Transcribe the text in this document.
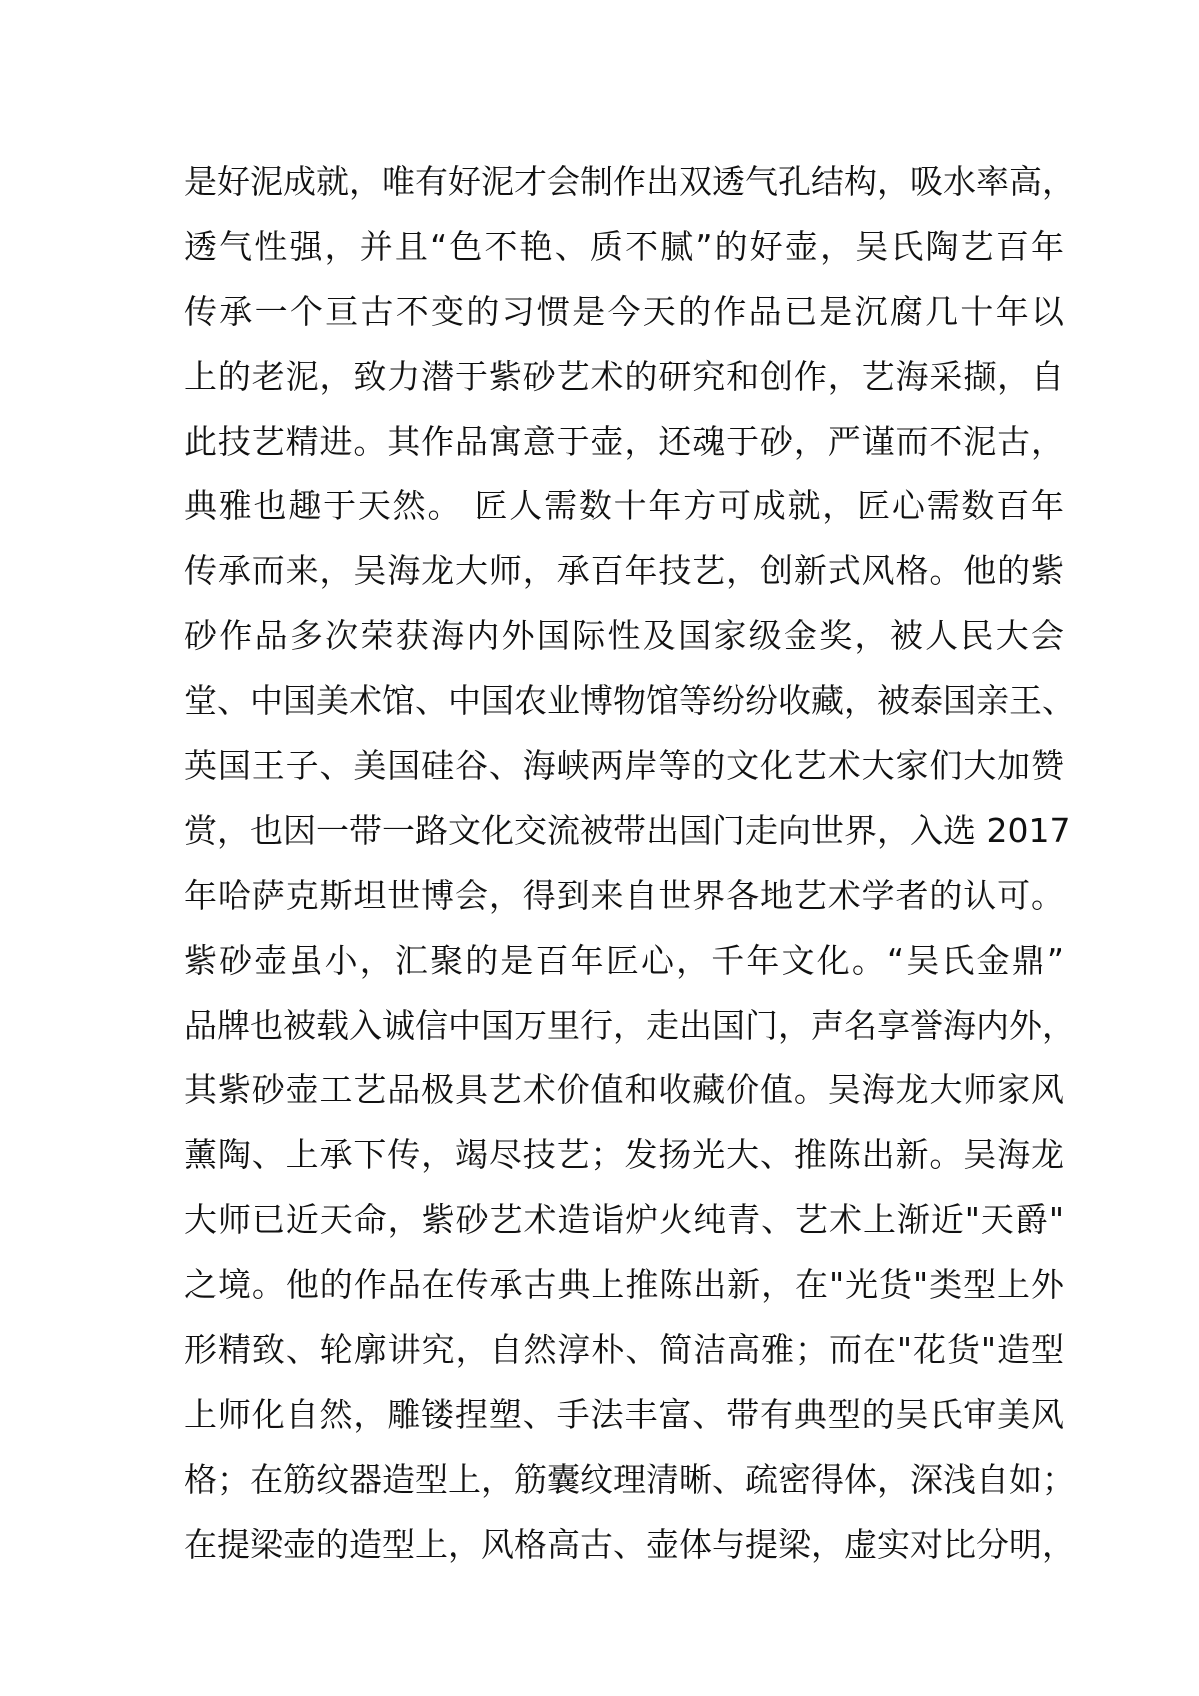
是好泥成就，唯有好泥才会制作出双透气孔结构，吸水率高，
透气性强，并且“色不艳、质不腻”的好壶，吴氏陶艺百年
传承一个亘古不变的习惯是今天的作品已是沉腐几十年以
上的老泥，致力潜于紫砂艺术的研究和创作，艺海采撷，自
此技艺精进。其作品寓意于壶，还魂于砂，严谨而不泥古，
典雅也趣于天然。 匠人需数十年方可成就，匠心需数百年
传承而来，吴海龙大师，承百年技艺，创新式风格。他的紫
砂作品多次荣获海内外国际性及国家级金奖，被人民大会
堂、中国美术馆、中国农业博物馆等纷纷收藏，被泰国亲王、
英国王子、美国硅谷、海峡两岸等的文化艺术大家们大加赞
赏，也因一带一路文化交流被带出国门走向世界，入选 2017
年哈萨克斯坦世博会，得到来自世界各地艺术学者的认可。
紫砂壶虽小，汇聚的是百年匠心，千年文化。“吴氏金鼎”
品牌也被载入诚信中国万里行，走出国门，声名享誉海内外，
其紫砂壶工艺品极具艺术价值和收藏价值。吴海龙大师家风
薰陶、上承下传，竭尽技艺；发扬光大、推陈出新。吴海龙
大师已近天命，紫砂艺术造诣炉火纯青、艺术上渐近"天爵"
之境。他的作品在传承古典上推陈出新，在"光货"类型上外
形精致、轮廓讲究，自然淳朴、简洁高雅；而在"花货"造型
上师化自然，雕镂捏塑、手法丰富、带有典型的吴氏审美风
格；在筋纹器造型上，筋囊纹理清晰、疏密得体，深浅自如；
在提梁壶的造型上，风格高古、壶体与提梁，虚实对比分明，
